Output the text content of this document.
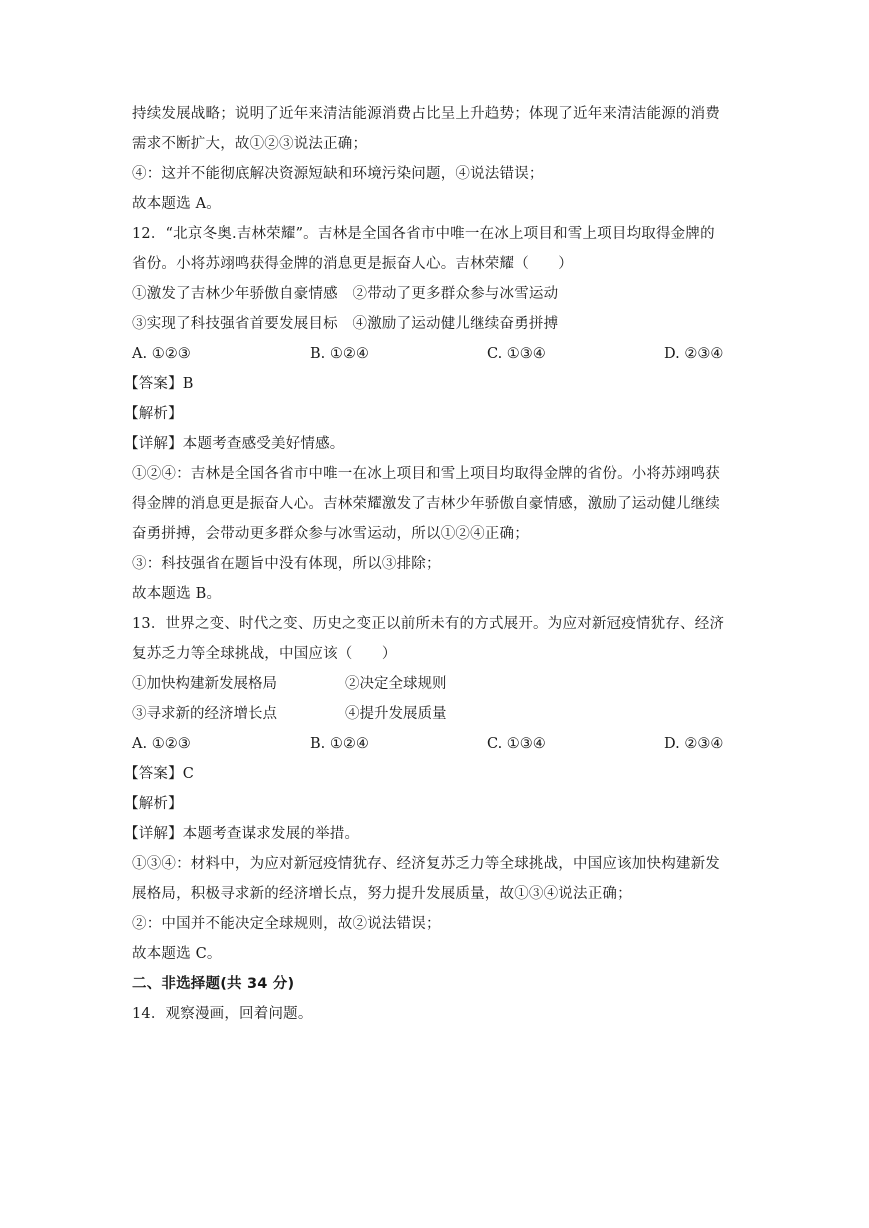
持续发展战略；说明了近年来清洁能源消费占比呈上升趋势；体现了近年来清洁能源的消费
需求不断扩大，故①②③说法正确；
④：这并不能彻底解决资源短缺和环境污染问题，④说法错误；
故本题选 A。
12．“北京冬奥.吉林荣耀”。吉林是全国各省市中唯一在冰上项目和雪上项目均取得金牌的
省份。小将苏翊鸣获得金牌的消息更是振奋人心。吉林荣耀（　　）
①激发了吉林少年骄傲自豪情感　②带动了更多群众参与冰雪运动
③实现了科技强省首要发展目标　④激励了运动健儿继续奋勇拼搏
A. ①②③	B. ①②④	C. ①③④	D. ②③④
【答案】B
【解析】
【详解】本题考查感受美好情感。
①②④：吉林是全国各省市中唯一在冰上项目和雪上项目均取得金牌的省份。小将苏翊鸣获
得金牌的消息更是振奋人心。吉林荣耀激发了吉林少年骄傲自豪情感，激励了运动健儿继续
奋勇拼搏，会带动更多群众参与冰雪运动，所以①②④正确；
③：科技强省在题旨中没有体现，所以③排除；
故本题选 B。
13．世界之变、时代之变、历史之变正以前所未有的方式展开。为应对新冠疫情犹存、经济
复苏乏力等全球挑战，中国应该（　　）
①加快构建新发展格局	②决定全球规则
③寻求新的经济增长点	④提升发展质量
A. ①②③	B. ①②④	C. ①③④	D. ②③④
【答案】C
【解析】
【详解】本题考查谋求发展的举措。
①③④：材料中，为应对新冠疫情犹存、经济复苏乏力等全球挑战，中国应该加快构建新发
展格局，积极寻求新的经济增长点，努力提升发展质量，故①③④说法正确；
②：中国并不能决定全球规则，故②说法错误；
故本题选 C。
二、非选择题(共 34 分)
14．观察漫画，回着问题。
